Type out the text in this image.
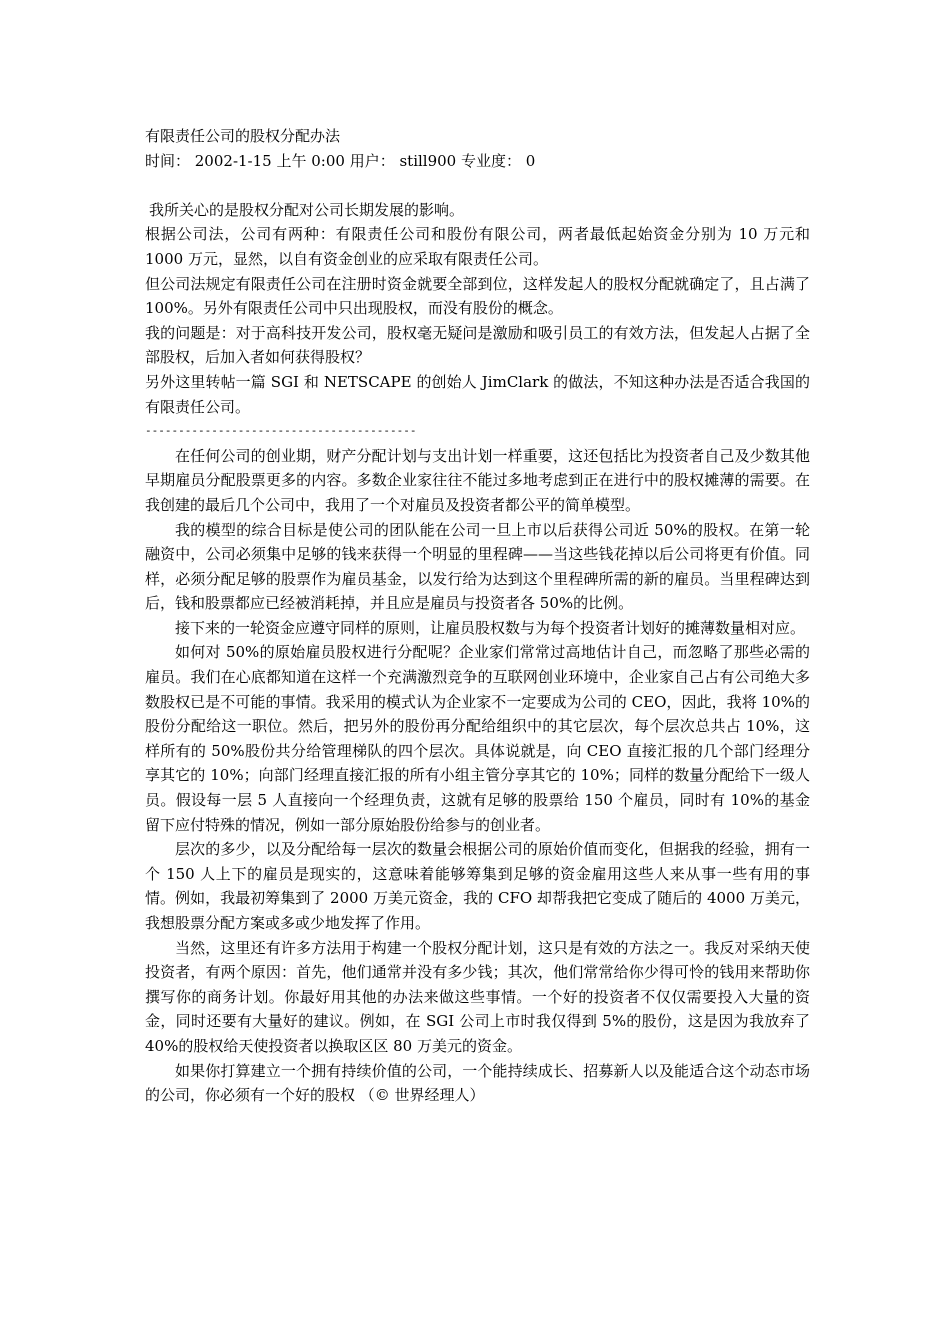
有限责任公司的股权分配办法

时间： 2002-1-15 上午 0:00 用户： still900 专业度： 0

我所关心的是股权分配对公司长期发展的影响。

根据公司法，公司有两种：有限责任公司和股份有限公司，两者最低起始资金分别为 10 万元和 1000 万元，显然，以自有资金创业的应采取有限责任公司。

但公司法规定有限责任公司在注册时资金就要全部到位，这样发起人的股权分配就确定了，且占满了 100%。另外有限责任公司中只出现股权，而没有股份的概念。

我的问题是：对于高科技开发公司，股权毫无疑问是激励和吸引员工的有效方法，但发起人占据了全部股权，后加入者如何获得股权？

另外这里转帖一篇 SGI 和 NETSCAPE 的创始人 JimClark 的做法，不知这种办法是否适合我国的有限责任公司。

-----------------------------------------

在任何公司的创业期，财产分配计划与支出计划一样重要，这还包括比为投资者自己及少数其他早期雇员分配股票更多的内容。多数企业家往往不能过多地考虑到正在进行中的股权摊薄的需要。在我创建的最后几个公司中，我用了一个对雇员及投资者都公平的简单模型。

我的模型的综合目标是使公司的团队能在公司一旦上市以后获得公司近 50%的股权。在第一轮融资中，公司必须集中足够的钱来获得一个明显的里程碑——当这些钱花掉以后公司将更有价值。同样，必须分配足够的股票作为雇员基金，以发行给为达到这个里程碑所需的新的雇员。当里程碑达到后，钱和股票都应已经被消耗掉，并且应是雇员与投资者各 50%的比例。

接下来的一轮资金应遵守同样的原则，让雇员股权数与为每个投资者计划好的摊薄数量相对应。

如何对 50%的原始雇员股权进行分配呢？企业家们常常过高地估计自己，而忽略了那些必需的雇员。我们在心底都知道在这样一个充满激烈竞争的互联网创业环境中，企业家自己占有公司绝大多数股权已是不可能的事情。我采用的模式认为企业家不一定要成为公司的 CEO，因此，我将 10%的股份分配给这一职位。然后，把另外的股份再分配给组织中的其它层次，每个层次总共占 10%，这样所有的 50%股份共分给管理梯队的四个层次。具体说就是，向 CEO 直接汇报的几个部门经理分享其它的 10%；向部门经理直接汇报的所有小组主管分享其它的 10%；同样的数量分配给下一级人员。假设每一层 5 人直接向一个经理负责，这就有足够的股票给 150 个雇员，同时有 10%的基金留下应付特殊的情况，例如一部分原始股份给参与的创业者。

层次的多少，以及分配给每一层次的数量会根据公司的原始价值而变化，但据我的经验，拥有一个 150 人上下的雇员是现实的，这意味着能够筹集到足够的资金雇用这些人来从事一些有用的事情。例如，我最初筹集到了 2000 万美元资金，我的 CFO 却帮我把它变成了随后的 4000 万美元，我想股票分配方案或多或少地发挥了作用。

当然，这里还有许多方法用于构建一个股权分配计划，这只是有效的方法之一。我反对采纳天使投资者，有两个原因：首先，他们通常并没有多少钱；其次，他们常常给你少得可怜的钱用来帮助你撰写你的商务计划。你最好用其他的办法来做这些事情。一个好的投资者不仅仅需要投入大量的资金，同时还要有大量好的建议。例如，在 SGI 公司上市时我仅得到 5%的股份，这是因为我放弃了 40%的股权给天使投资者以换取区区 80 万美元的资金。

如果你打算建立一个拥有持续价值的公司，一个能持续成长、招募新人以及能适合这个动态市场的公司，你必须有一个好的股权 （© 世界经理人）
